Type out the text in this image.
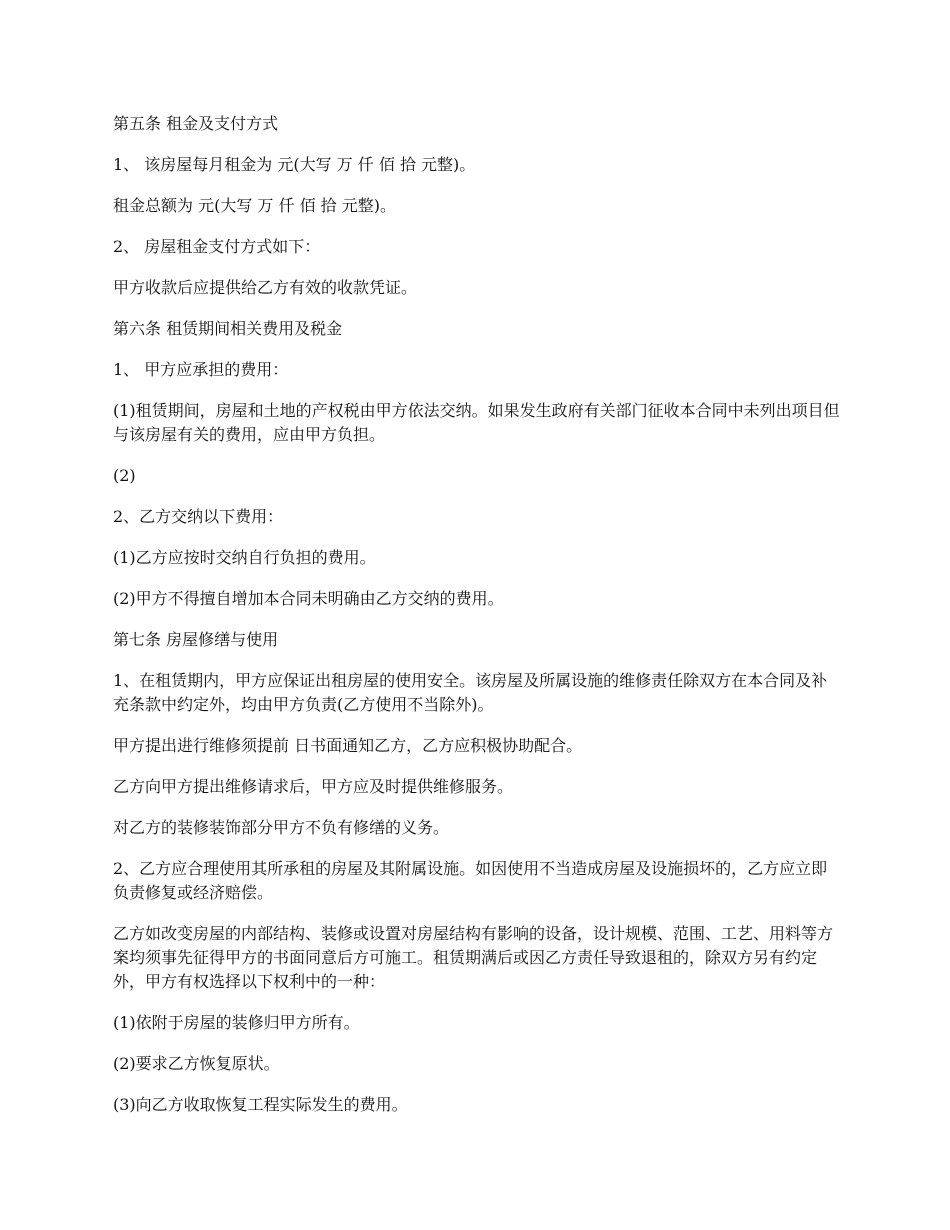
第五条 租金及支付方式

1、 该房屋每月租金为 元(大写 万 仟 佰 拾 元整)。

租金总额为 元(大写 万 仟 佰 拾 元整)。

2、 房屋租金支付方式如下：

甲方收款后应提供给乙方有效的收款凭证。

第六条 租赁期间相关费用及税金

1、 甲方应承担的费用：

(1)租赁期间，房屋和土地的产权税由甲方依法交纳。如果发生政府有关部门征收本合同中未列出项目但与该房屋有关的费用，应由甲方负担。

(2)

2、乙方交纳以下费用：

(1)乙方应按时交纳自行负担的费用。

(2)甲方不得擅自增加本合同未明确由乙方交纳的费用。

第七条 房屋修缮与使用

1、在租赁期内，甲方应保证出租房屋的使用安全。该房屋及所属设施的维修责任除双方在本合同及补充条款中约定外，均由甲方负责(乙方使用不当除外)。

甲方提出进行维修须提前 日书面通知乙方，乙方应积极协助配合。

乙方向甲方提出维修请求后，甲方应及时提供维修服务。

对乙方的装修装饰部分甲方不负有修缮的义务。

2、乙方应合理使用其所承租的房屋及其附属设施。如因使用不当造成房屋及设施损坏的，乙方应立即负责修复或经济赔偿。

乙方如改变房屋的内部结构、装修或设置对房屋结构有影响的设备，设计规模、范围、工艺、用料等方案均须事先征得甲方的书面同意后方可施工。租赁期满后或因乙方责任导致退租的，除双方另有约定外，甲方有权选择以下权利中的一种：

(1)依附于房屋的装修归甲方所有。

(2)要求乙方恢复原状。

(3)向乙方收取恢复工程实际发生的费用。
